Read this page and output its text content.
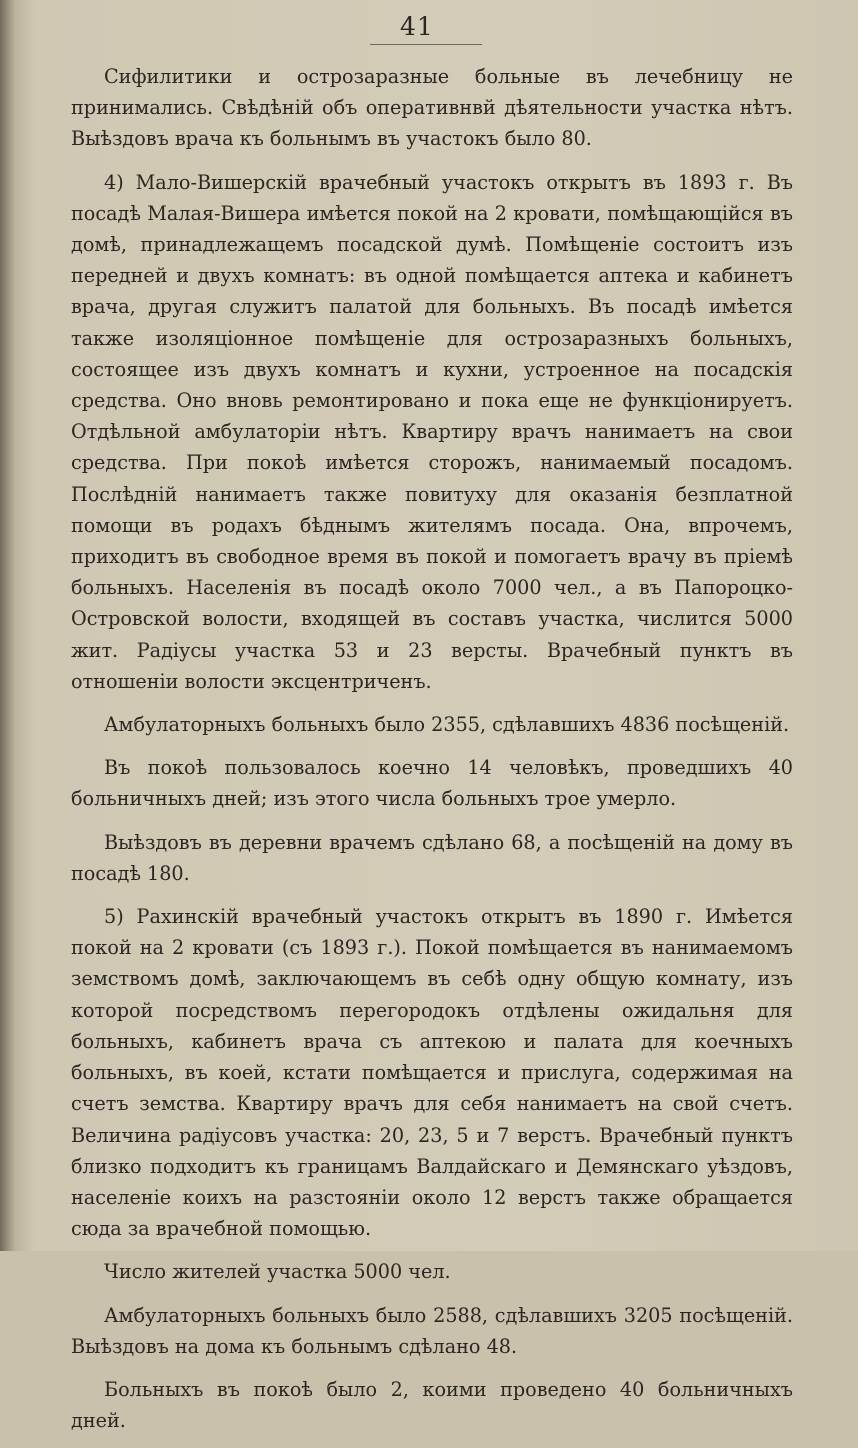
41

Сифилитики и острозаразные больные въ лечебницу не принимались. Свѣдѣній объ оперативнвй дѣятельности участка нѣтъ. Выѣздовъ врача къ больнымъ въ участокъ было 80.

4) Мало-Вишерскій врачебный участокъ открытъ въ 1893 г. Въ посадѣ Малая-Вишера имѣется покой на 2 кровати, помѣщающійся въ домѣ, принадлежащемъ посадской думѣ. Помѣщеніе состоитъ изъ передней и двухъ комнатъ: въ одной помѣщается аптека и кабинетъ врача, другая служитъ палатой для больныхъ. Въ посадѣ имѣется также изоляціонное помѣщеніе для острозаразныхъ больныхъ, состоящее изъ двухъ комнатъ и кухни, устроенное на посадскія средства. Оно вновь ремонтировано и пока еще не функціонируетъ. Отдѣльной амбулаторіи нѣтъ. Квартиру врачъ нанимаетъ на свои средства. При покоѣ имѣется сторожъ, нанимаемый посадомъ. Послѣдній нанимаетъ также повитуху для оказанія безплатной помощи въ родахъ бѣднымъ жителямъ посада. Она, впрочемъ, приходитъ въ свободное время въ покой и помогаетъ врачу въ пріемѣ больныхъ. Населенія въ посадѣ около 7000 чел., а въ Папороцко-Островской волости, входящей въ составъ участка, числится 5000 жит. Радіусы участка 53 и 23 версты. Врачебный пунктъ въ отношеніи волости эксцентриченъ.

Амбулаторныхъ больныхъ было 2355, сдѣлавшихъ 4836 посѣщеній.

Въ покоѣ пользовалось коечно 14 человѣкъ, проведшихъ 40 больничныхъ дней; изъ этого числа больныхъ трое умерло.

Выѣздовъ въ деревни врачемъ сдѣлано 68, а посѣщеній на дому въ посадѣ 180.

5) Рахинскій врачебный участокъ открытъ въ 1890 г. Имѣется покой на 2 кровати (съ 1893 г.). Покой помѣщается въ нанимаемомъ земствомъ домѣ, заключающемъ въ себѣ одну общую комнату, изъ которой посредствомъ перегородокъ отдѣлены ожидальня для больныхъ, кабинетъ врача съ аптекою и палата для коечныхъ больныхъ, въ коей, кстати помѣщается и прислуга, содержимая на счетъ земства. Квартиру врачъ для себя нанимаетъ на свой счетъ. Величина радіусовъ участка: 20, 23, 5 и 7 верстъ. Врачебный пунктъ близко подходитъ къ границамъ Валдайскаго и Демянскаго уѣздовъ, населеніе коихъ на разстояніи около 12 верстъ также обращается сюда за врачебной помощью.

Число жителей участка 5000 чел.

Амбулаторныхъ больныхъ было 2588, сдѣлавшихъ 3205 посѣщеній. Выѣздовъ на дома къ больнымъ сдѣлано 48.

Больныхъ въ покоѣ было 2, коими проведено 40 больничныхъ дней.
